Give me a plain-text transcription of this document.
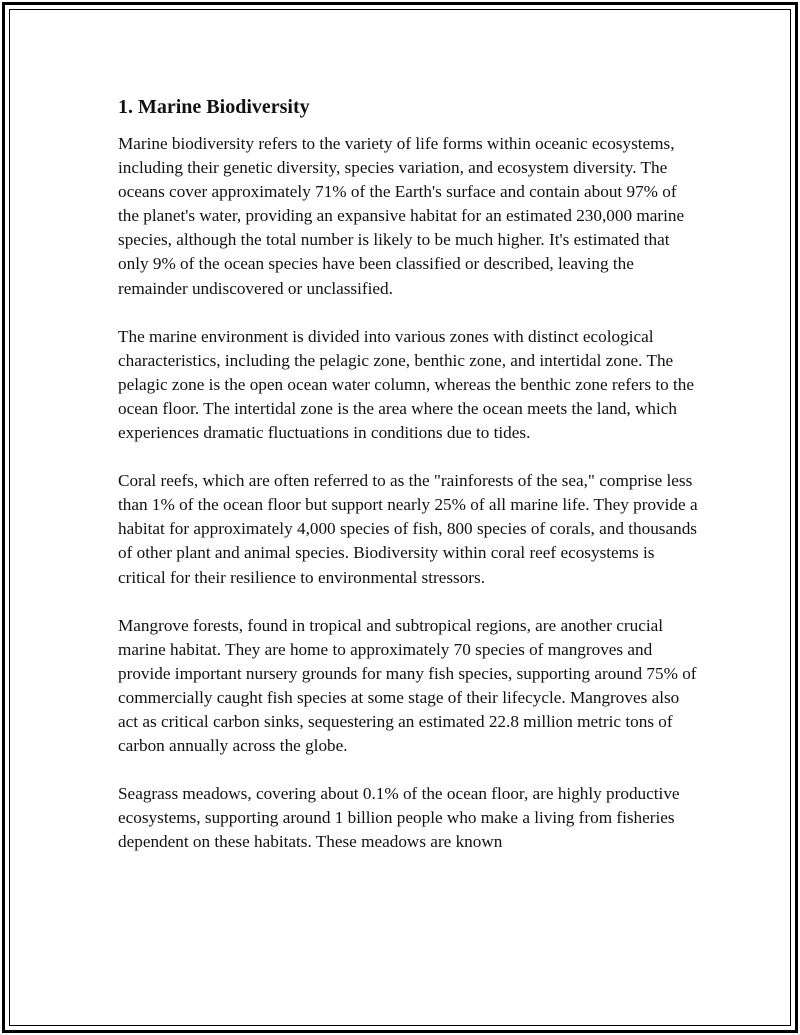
1. Marine Biodiversity

Marine biodiversity refers to the variety of life forms within oceanic ecosystems, including their genetic diversity, species variation, and ecosystem diversity. The oceans cover approximately 71% of the Earth's surface and contain about 97% of the planet's water, providing an expansive habitat for an estimated 230,000 marine species, although the total number is likely to be much higher. It's estimated that only 9% of the ocean species have been classified or described, leaving the remainder undiscovered or unclassified.

The marine environment is divided into various zones with distinct ecological characteristics, including the pelagic zone, benthic zone, and intertidal zone. The pelagic zone is the open ocean water column, whereas the benthic zone refers to the ocean floor. The intertidal zone is the area where the ocean meets the land, which experiences dramatic fluctuations in conditions due to tides.

Coral reefs, which are often referred to as the "rainforests of the sea," comprise less than 1% of the ocean floor but support nearly 25% of all marine life. They provide a habitat for approximately 4,000 species of fish, 800 species of corals, and thousands of other plant and animal species. Biodiversity within coral reef ecosystems is critical for their resilience to environmental stressors.

Mangrove forests, found in tropical and subtropical regions, are another crucial marine habitat. They are home to approximately 70 species of mangroves and provide important nursery grounds for many fish species, supporting around 75% of commercially caught fish species at some stage of their lifecycle. Mangroves also act as critical carbon sinks, sequestering an estimated 22.8 million metric tons of carbon annually across the globe.

Seagrass meadows, covering about 0.1% of the ocean floor, are highly productive ecosystems, supporting around 1 billion people who make a living from fisheries dependent on these habitats. These meadows are known
